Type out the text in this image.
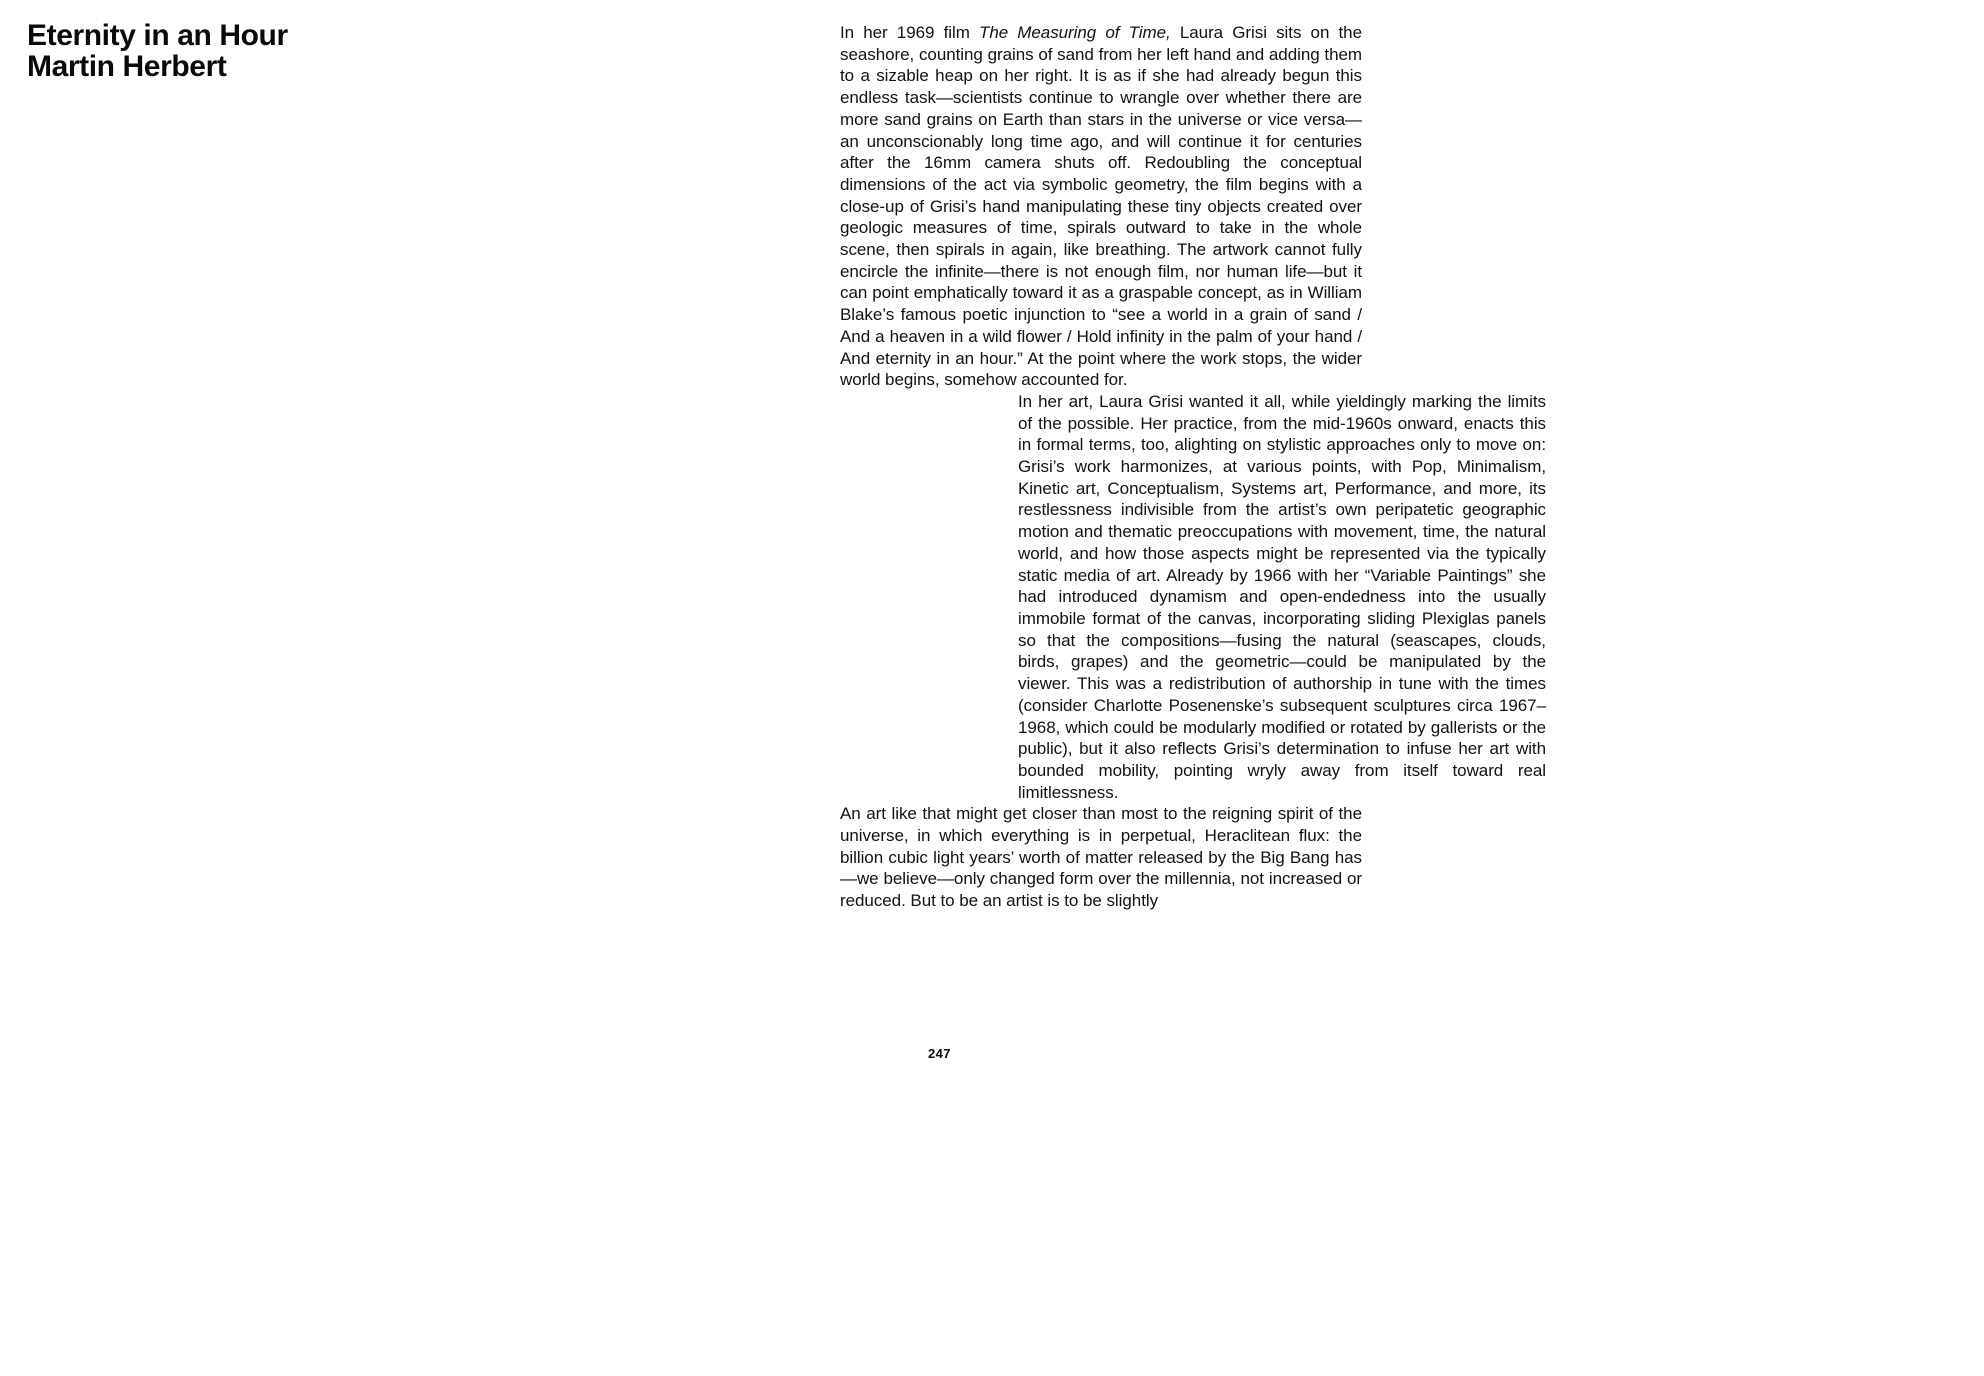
Eternity in an Hour
Martin Herbert

In her 1969 film The Measuring of Time, Laura Grisi sits on the seashore, counting grains of sand from her left hand and adding them to a sizable heap on her right. It is as if she had already begun this endless task—scientists continue to wrangle over whether there are more sand grains on Earth than stars in the universe or vice versa—an unconscionably long time ago, and will continue it for centuries after the 16mm camera shuts off. Redoubling the conceptual dimensions of the act via symbolic geometry, the film begins with a close-up of Grisi’s hand manipulating these tiny objects created over geologic measures of time, spirals outward to take in the whole scene, then spirals in again, like breathing. The artwork cannot fully encircle the infinite—there is not enough film, nor human life—but it can point emphatically toward it as a graspable concept, as in William Blake’s famous poetic injunction to “see a world in a grain of sand / And a heaven in a wild flower / Hold infinity in the palm of your hand / And eternity in an hour.” At the point where the work stops, the wider world begins, somehow accounted for.

In her art, Laura Grisi wanted it all, while yieldingly marking the limits of the possible. Her practice, from the mid-1960s onward, enacts this in formal terms, too, alighting on stylistic approaches only to move on: Grisi’s work harmonizes, at various points, with Pop, Minimalism, Kinetic art, Conceptualism, Systems art, Performance, and more, its restlessness indivisible from the artist’s own peripatetic geographic motion and thematic preoccupations with movement, time, the natural world, and how those aspects might be represented via the typically static media of art. Already by 1966 with her “Variable Paintings” she had introduced dynamism and open-endedness into the usually immobile format of the canvas, incorporating sliding Plexiglas panels so that the compositions—fusing the natural (seascapes, clouds, birds, grapes) and the geometric—could be manipulated by the viewer. This was a redistribution of authorship in tune with the times (consider Charlotte Posenenske’s subsequent sculptures circa 1967–1968, which could be modularly modified or rotated by gallerists or the public), but it also reflects Grisi’s determination to infuse her art with bounded mobility, pointing wryly away from itself toward real limitlessness.

An art like that might get closer than most to the reigning spirit of the universe, in which everything is in perpetual, Heraclitean flux: the billion cubic light years’ worth of matter released by the Big Bang has—we believe—only changed form over the millennia, not increased or reduced. But to be an artist is to be slightly

247
